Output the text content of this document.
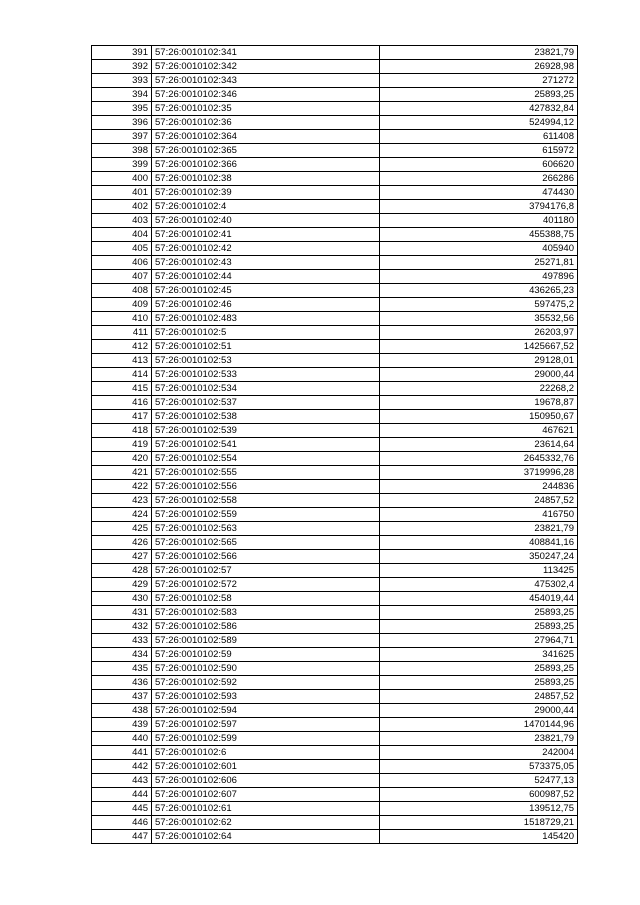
391	57:26:0010102:341	23821,79
392	57:26:0010102:342	26928,98
393	57:26:0010102:343	271272
394	57:26:0010102:346	25893,25
395	57:26:0010102:35	427832,84
396	57:26:0010102:36	524994,12
397	57:26:0010102:364	611408
398	57:26:0010102:365	615972
399	57:26:0010102:366	606620
400	57:26:0010102:38	266286
401	57:26:0010102:39	474430
402	57:26:0010102:4	3794176,8
403	57:26:0010102:40	401180
404	57:26:0010102:41	455388,75
405	57:26:0010102:42	405940
406	57:26:0010102:43	25271,81
407	57:26:0010102:44	497896
408	57:26:0010102:45	436265,23
409	57:26:0010102:46	597475,2
410	57:26:0010102:483	35532,56
411	57:26:0010102:5	26203,97
412	57:26:0010102:51	1425667,52
413	57:26:0010102:53	29128,01
414	57:26:0010102:533	29000,44
415	57:26:0010102:534	22268,2
416	57:26:0010102:537	19678,87
417	57:26:0010102:538	150950,67
418	57:26:0010102:539	467621
419	57:26:0010102:541	23614,64
420	57:26:0010102:554	2645332,76
421	57:26:0010102:555	3719996,28
422	57:26:0010102:556	244836
423	57:26:0010102:558	24857,52
424	57:26:0010102:559	416750
425	57:26:0010102:563	23821,79
426	57:26:0010102:565	408841,16
427	57:26:0010102:566	350247,24
428	57:26:0010102:57	113425
429	57:26:0010102:572	475302,4
430	57:26:0010102:58	454019,44
431	57:26:0010102:583	25893,25
432	57:26:0010102:586	25893,25
433	57:26:0010102:589	27964,71
434	57:26:0010102:59	341625
435	57:26:0010102:590	25893,25
436	57:26:0010102:592	25893,25
437	57:26:0010102:593	24857,52
438	57:26:0010102:594	29000,44
439	57:26:0010102:597	1470144,96
440	57:26:0010102:599	23821,79
441	57:26:0010102:6	242004
442	57:26:0010102:601	573375,05
443	57:26:0010102:606	52477,13
444	57:26:0010102:607	600987,52
445	57:26:0010102:61	139512,75
446	57:26:0010102:62	1518729,21
447	57:26:0010102:64	145420
